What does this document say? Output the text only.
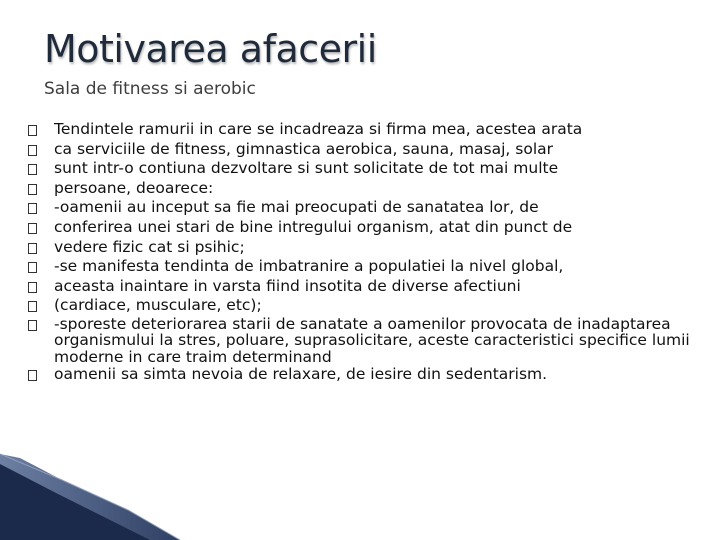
Motivarea afacerii
Sala de fitness si aerobic
Tendintele ramurii in care se incadreaza si firma mea, acestea arata
ca serviciile de fitness, gimnastica aerobica, sauna, masaj, solar
sunt intr-o contiuna dezvoltare si sunt solicitate de tot mai multe
persoane, deoarece:
-oamenii au inceput sa fie mai preocupati de sanatatea lor, de
conferirea unei stari de bine intregului organism, atat din punct de
vedere fizic cat si psihic;
-se manifesta tendinta de imbatranire a populatiei la nivel global,
aceasta inaintare in varsta fiind insotita de diverse afectiuni
(cardiace, musculare, etc);
-sporeste deteriorarea starii de sanatate a oamenilor provocata de inadaptarea organismului la stres, poluare, suprasolicitare, aceste caracteristici specifice lumii moderne in care traim determinand
oamenii sa simta nevoia de relaxare, de iesire din sedentarism.
